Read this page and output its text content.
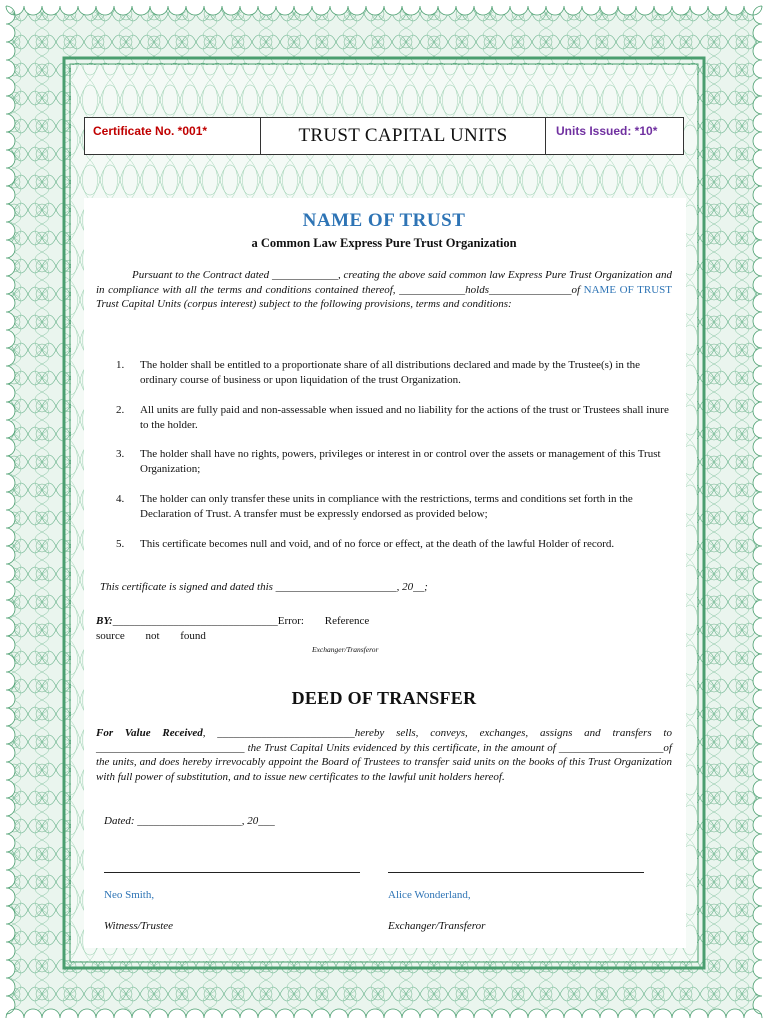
Certificate No. *001*	TRUST CAPITAL UNITS	Units Issued: *10*
NAME OF TRUST
a Common Law Express Pure Trust Organization
Pursuant to the Contract dated ____________, creating the above said common law Express Pure Trust Organization and in compliance with all the terms and conditions contained thereof, ____________holds_______________of NAME OF TRUST Trust Capital Units (corpus interest) subject to the following provisions, terms and conditions:
1.	The holder shall be entitled to a proportionate share of all distributions declared and made by the Trustee(s) in the ordinary course of business or upon liquidation of the trust Organization.
2.	All units are fully paid and non-assessable when issued and no liability for the actions of the trust or Trustees shall inure to the holder.
3.	The holder shall have no rights, powers, privileges or interest in or control over the assets or management of this Trust Organization;
4.	The holder can only transfer these units in compliance with the restrictions, terms and conditions set forth in the Declaration of Trust. A transfer must be expressly endorsed as provided below;
5.	This certificate becomes null and void, and of no force or effect, at the death of the lawful Holder of record.
This certificate is signed and dated this ______________________, 20__;
BY:______________________________Error: Reference source not found
Exchanger/Transferor
DEED OF TRANSFER
For Value Received, _________________________hereby sells, conveys, exchanges, assigns and transfers to ___________________________ the Trust Capital Units evidenced by this certificate, in the amount of ___________________of the units, and does hereby irrevocably appoint the Board of Trustees to transfer said units on the books of this Trust Organization with full power of substitution, and to issue new certificates to the lawful unit holders hereof.
Dated: ___________________, 20___
Neo Smith,	Alice Wonderland,
Witness/Trustee	Exchanger/Transferor
